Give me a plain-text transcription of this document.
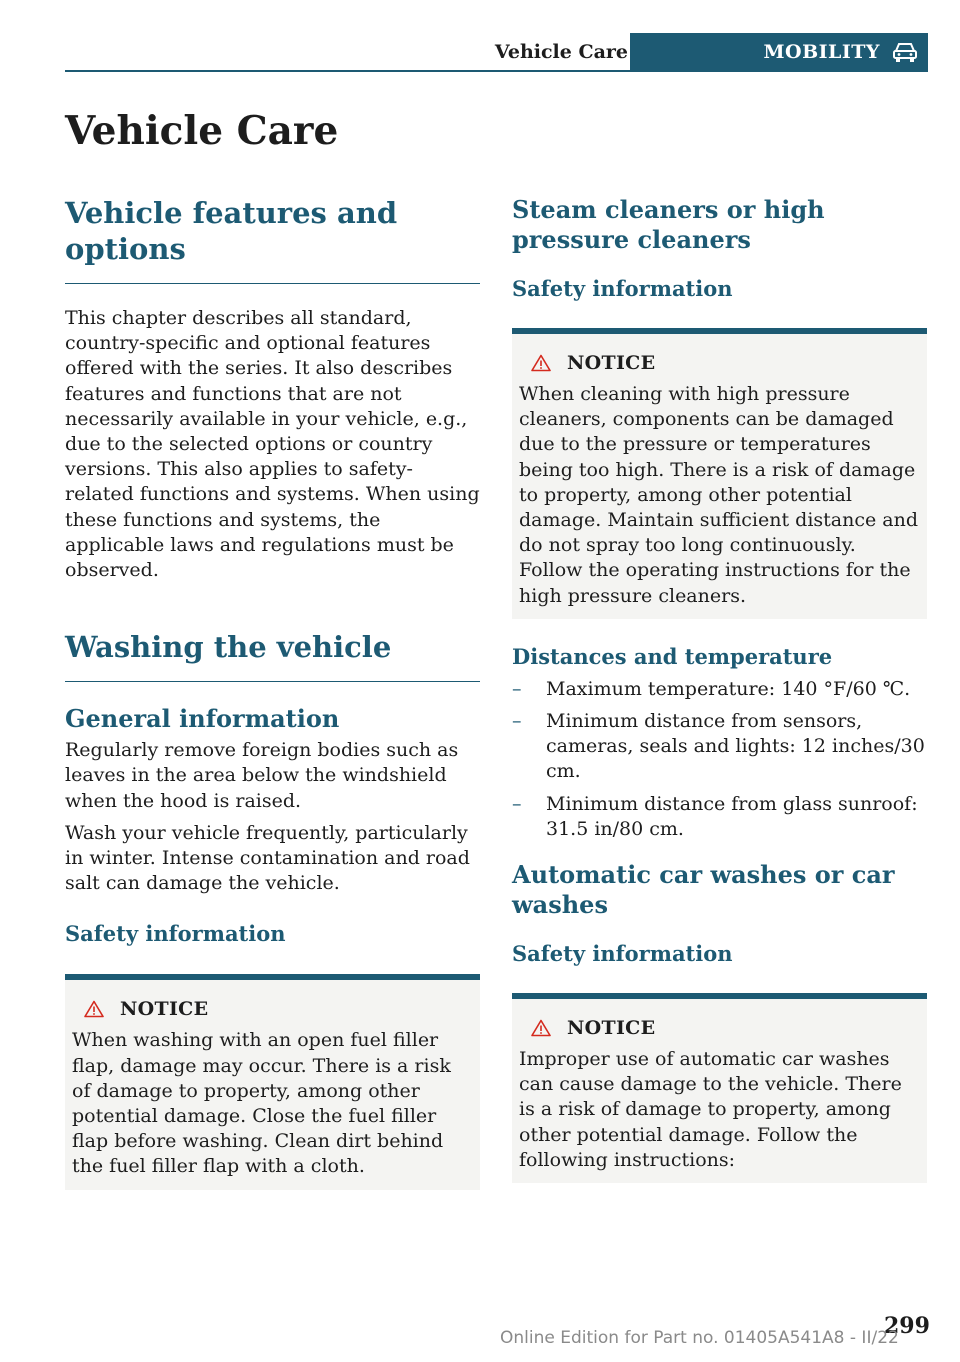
Vehicle Care	MOBILITY
Vehicle Care
Vehicle features and options

This chapter describes all standard, country-specific and optional features offered with the series. It also describes features and functions that are not necessarily available in your vehicle, e.g., due to the selected options or country versions. This also applies to safety-related functions and systems. When using these functions and systems, the applicable laws and regulations must be observed.

Washing the vehicle
General information

Regularly remove foreign bodies such as leaves in the area below the windshield when the hood is raised.

Wash your vehicle frequently, particularly in winter. Intense contamination and road salt can damage the vehicle.

Safety information
NOTICE
When washing with an open fuel filler flap, damage may occur. There is a risk of damage to property, among other potential damage. Close the fuel filler flap before washing. Clean dirt behind the fuel filler flap with a cloth.
Steam cleaners or high pressure cleaners
Safety information
NOTICE
When cleaning with high pressure cleaners, components can be damaged due to the pressure or temperatures being too high. There is a risk of damage to property, among other potential damage. Maintain sufficient distance and do not spray too long continuously. Follow the operating instructions for the high pressure cleaners.
Distances and temperature
–	Maximum temperature: 140 °F/60 ℃.
–	Minimum distance from sensors, cameras, seals and lights: 12 inches/30 cm.
–	Minimum distance from glass sunroof: 31.5 in/80 cm.
Automatic car washes or car washes
Safety information
NOTICE
Improper use of automatic car washes can cause damage to the vehicle. There is a risk of damage to property, among other potential damage. Follow the following instructions:
299
Online Edition for Part no. 01405A541A8 - II/22
